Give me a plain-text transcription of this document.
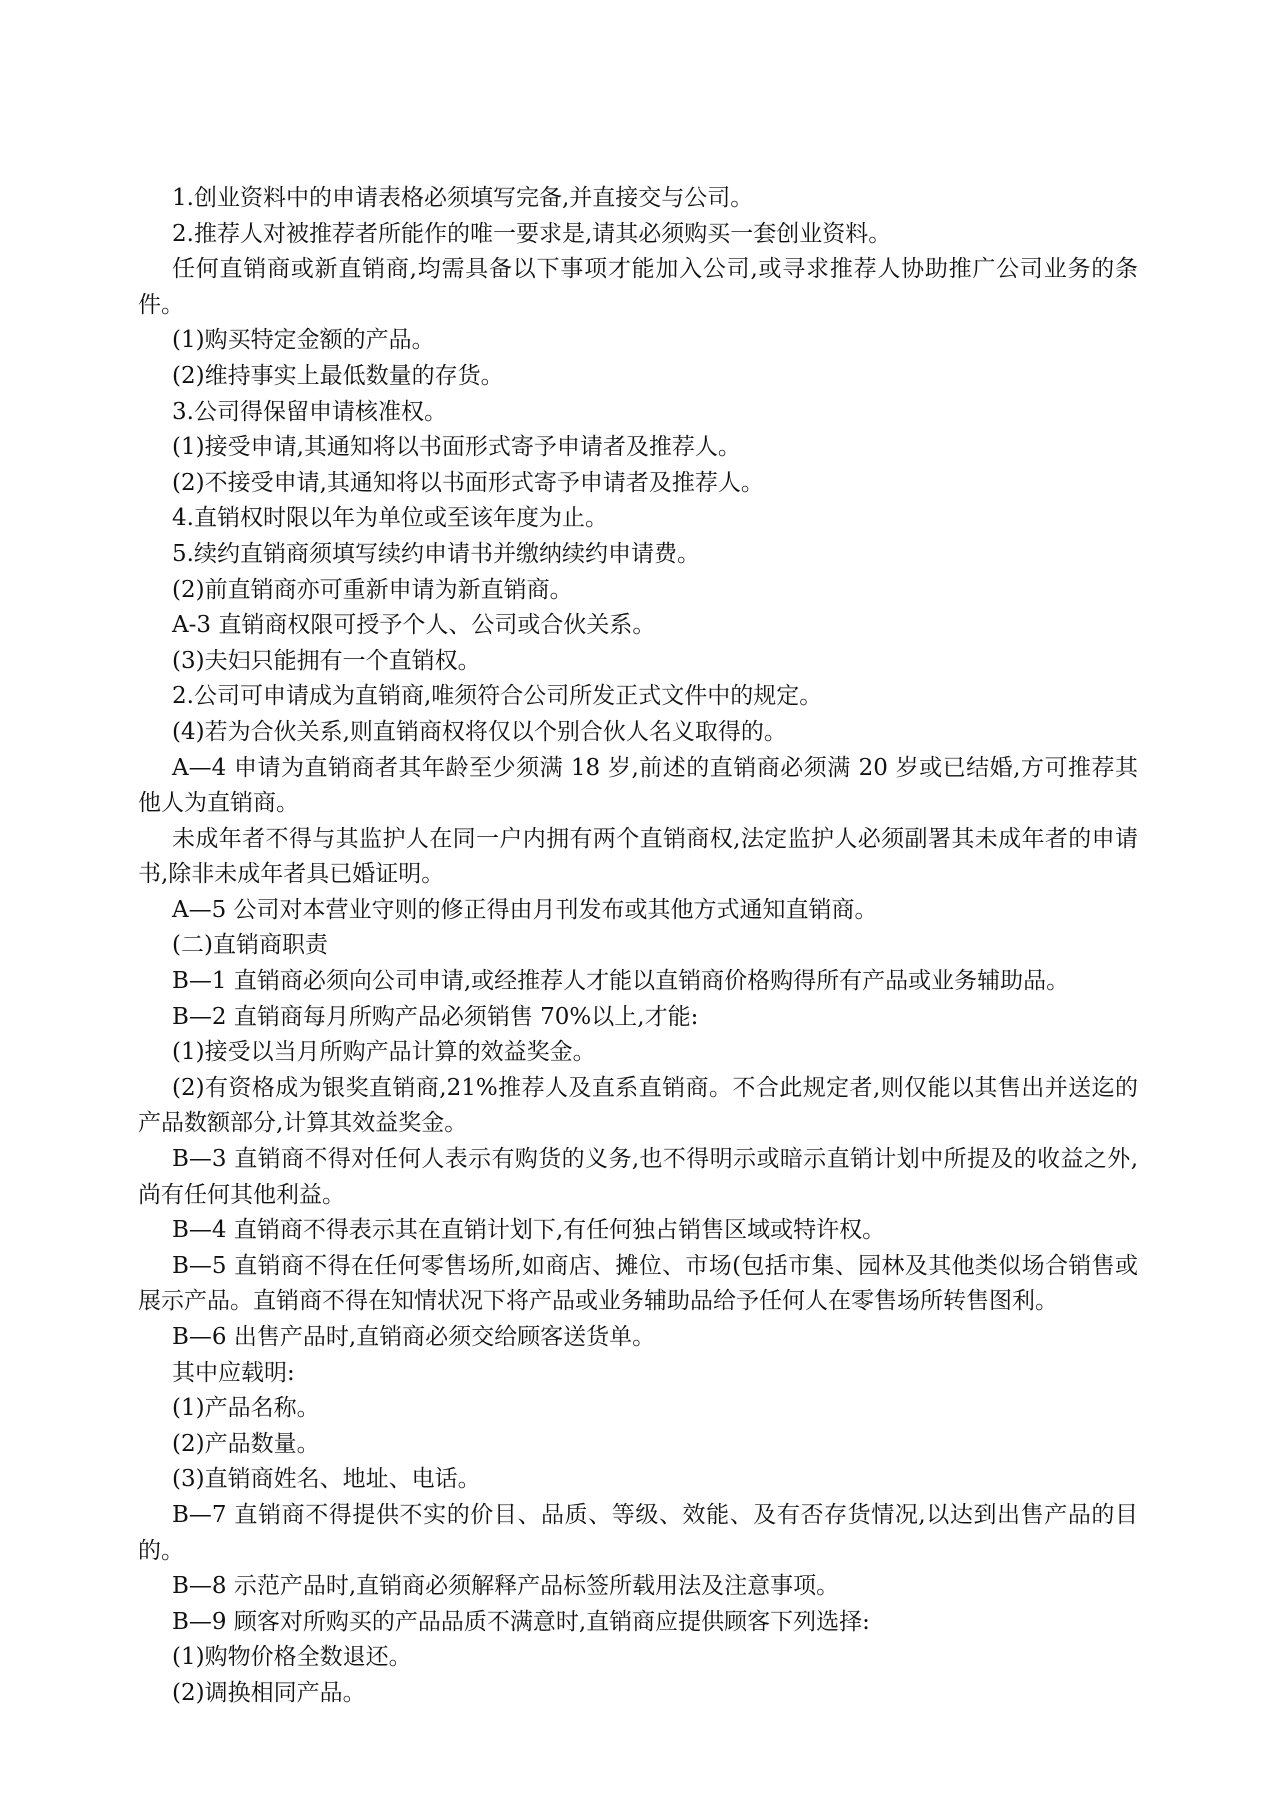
1.创业资料中的申请表格必须填写完备,并直接交与公司。

2.推荐人对被推荐者所能作的唯一要求是,请其必须购买一套创业资料。

任何直销商或新直销商,均需具备以下事项才能加入公司,或寻求推荐人协助推广公司业务的条件。

(1)购买特定金额的产品。

(2)维持事实上最低数量的存货。

3.公司得保留申请核准权。

(1)接受申请,其通知将以书面形式寄予申请者及推荐人。

(2)不接受申请,其通知将以书面形式寄予申请者及推荐人。

4.直销权时限以年为单位或至该年度为止。

5.续约直销商须填写续约申请书并缴纳续约申请费。

(2)前直销商亦可重新申请为新直销商。

A-3 直销商权限可授予个人、公司或合伙关系。

(3)夫妇只能拥有一个直销权。

2.公司可申请成为直销商,唯须符合公司所发正式文件中的规定。

(4)若为合伙关系,则直销商权将仅以个别合伙人名义取得的。

A—4 申请为直销商者其年龄至少须满 18 岁,前述的直销商必须满 20 岁或已结婚,方可推荐其他人为直销商。

未成年者不得与其监护人在同一户内拥有两个直销商权,法定监护人必须副署其未成年者的申请书,除非未成年者具已婚证明。

A—5 公司对本营业守则的修正得由月刊发布或其他方式通知直销商。

(二)直销商职责

B—1 直销商必须向公司申请,或经推荐人才能以直销商价格购得所有产品或业务辅助品。

B—2 直销商每月所购产品必须销售 70%以上,才能:

(1)接受以当月所购产品计算的效益奖金。

(2)有资格成为银奖直销商,21%推荐人及直系直销商。不合此规定者,则仅能以其售出并送迄的产品数额部分,计算其效益奖金。

B—3 直销商不得对任何人表示有购货的义务,也不得明示或暗示直销计划中所提及的收益之外,尚有任何其他利益。

B—4 直销商不得表示其在直销计划下,有任何独占销售区域或特许权。

B—5 直销商不得在任何零售场所,如商店、摊位、市场(包括市集、园林及其他类似场合销售或展示产品。直销商不得在知情状况下将产品或业务辅助品给予任何人在零售场所转售图利。

B—6 出售产品时,直销商必须交给顾客送货单。

其中应载明:

(1)产品名称。

(2)产品数量。

(3)直销商姓名、地址、电话。

B—7 直销商不得提供不实的价目、品质、等级、效能、及有否存货情况,以达到出售产品的目的。

B—8 示范产品时,直销商必须解释产品标签所载用法及注意事项。

B—9 顾客对所购买的产品品质不满意时,直销商应提供顾客下列选择:

(1)购物价格全数退还。

(2)调换相同产品。
